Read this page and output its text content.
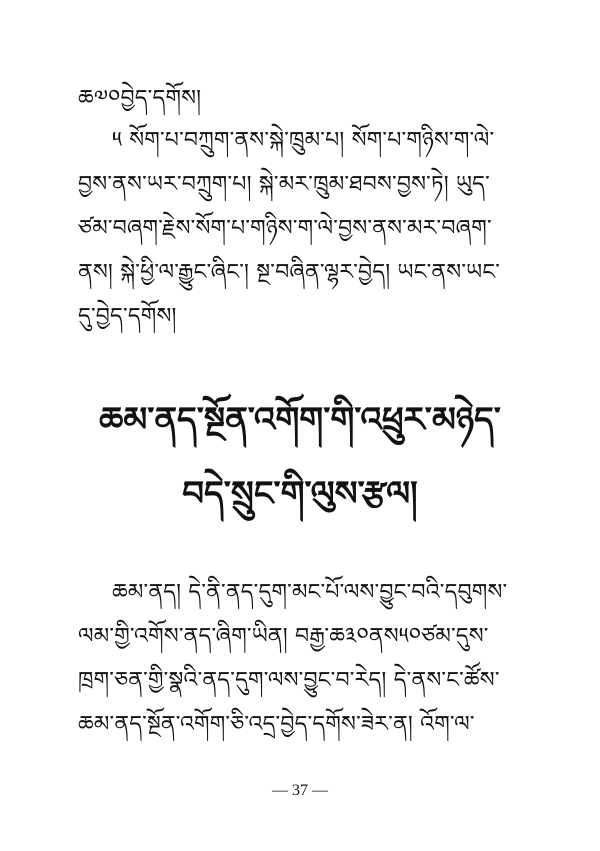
ཆ༧༠བྱེད་དགོས།
༥ སོག་པ་བཀྲུག་ནས་སྐེ་ཁྲུམ་པ། སོག་པ་གཉིས་ག་ལེ་
བྱས་ནས་ཡར་བཀྲུག་པ། སྐེ་མར་ཁྲུམ་ཐབས་བྱས་ཏེ། ཡུད་
ཙམ་བཞག་རྗེས་སོག་པ་གཉིས་ག་ལེ་བྱས་ནས་མར་བཞག་
ནས། སྐེ་ཕྱི་ལ་རྒྱུང་ཞིང་། སྔ་བཞིན་ལྷར་བྱེད། ཡང་ནས་ཡང་
དུ་བྱེད་དགོས།
ཆམ་ནད་སྔོན་འགོག་གི་འཕྲུར་མཉེད་
བདེ་སྲུང་གི་ལུས་རྩལ།
ཆམ་ནད། དེ་ནི་ནད་དུག་མང་པོ་ལས་བྱུང་བའི་དབུགས་
ལམ་གྱི་འགོས་ནད་ཞིག་ཡིན། བརྒྱ་ཆ༣༠ནས༥༠ཙམ་དུས་
ཁྲག་ཅན་གྱི་སྣའི་ནད་དུག་ལས་བྱུང་བ་རེད། དེ་ནས་ང་ཚོས་
ཆམ་ནད་སྔོན་འགོག་ཅི་འདྲ་བྱེད་དགོས་ཟེར་ན། འོག་ལ་
— 37 —
